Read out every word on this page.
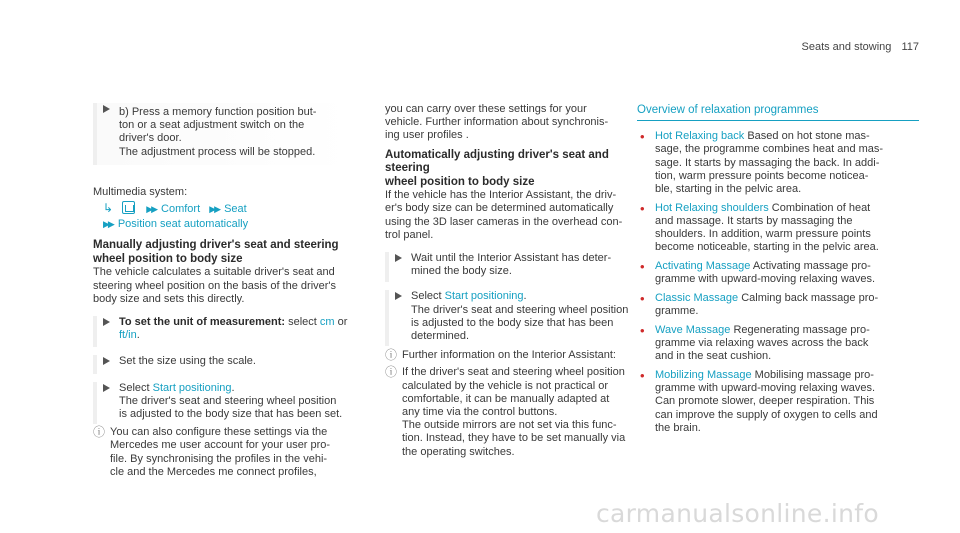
Seats and stowing 117
b) Press a memory function position but-
ton or a seat adjustment switch on the
driver's door.
The adjustment process will be stopped.

Multimedia system:

↳	▶▶ Comfort ▶▶ Seat
▶▶ Position seat automatically
Manually adjusting driver's seat and steering
wheel position to body size
The vehicle calculates a suitable driver's seat and
steering wheel position on the basis of the driver's
body size and sets this directly.
To set the unit of measurement: select cm or
ft/in.
Set the size using the scale.
Select Start positioning.
The driver's seat and steering wheel position
is adjusted to the body size that has been set.
ⓘ You can also configure these settings via the
Mercedes me user account for your user pro-
file. By synchronising the profiles in the vehi-
cle and the Mercedes me connect profiles,
you can carry over these settings for your
vehicle. Further information about synchronis-
ing user profiles .
Automatically adjusting driver's seat and steering
wheel position to body size
If the vehicle has the Interior Assistant, the driv-
er's body size can be determined automatically
using the 3D laser cameras in the overhead con-
trol panel.
Wait until the Interior Assistant has deter-
mined the body size.
Select Start positioning.
The driver's seat and steering wheel position
is adjusted to the body size that has been
determined.
ⓘ Further information on the Interior Assistant:
ⓘ If the driver's seat and steering wheel position
calculated by the vehicle is not practical or
comfortable, it can be manually adapted at
any time via the control buttons.
The outside mirrors are not set via this func-
tion. Instead, they have to be set manually via
the operating switches.
Overview of relaxation programmes
• Hot Relaxing back Based on hot stone mas-
sage, the programme combines heat and mas-
sage. It starts by massaging the back. In addi-
tion, warm pressure points become noticea-
ble, starting in the pelvic area.
• Hot Relaxing shoulders Combination of heat
and massage. It starts by massaging the
shoulders. In addition, warm pressure points
become noticeable, starting in the pelvic area.
• Activating Massage Activating massage pro-
gramme with upward-moving relaxing waves.
• Classic Massage Calming back massage pro-
gramme.
• Wave Massage Regenerating massage pro-
gramme via relaxing waves across the back
and in the seat cushion.
• Mobilizing Massage Mobilising massage pro-
gramme with upward-moving relaxing waves.
Can promote slower, deeper respiration. This
can improve the supply of oxygen to cells and
the brain.
carmanualsonline.info
